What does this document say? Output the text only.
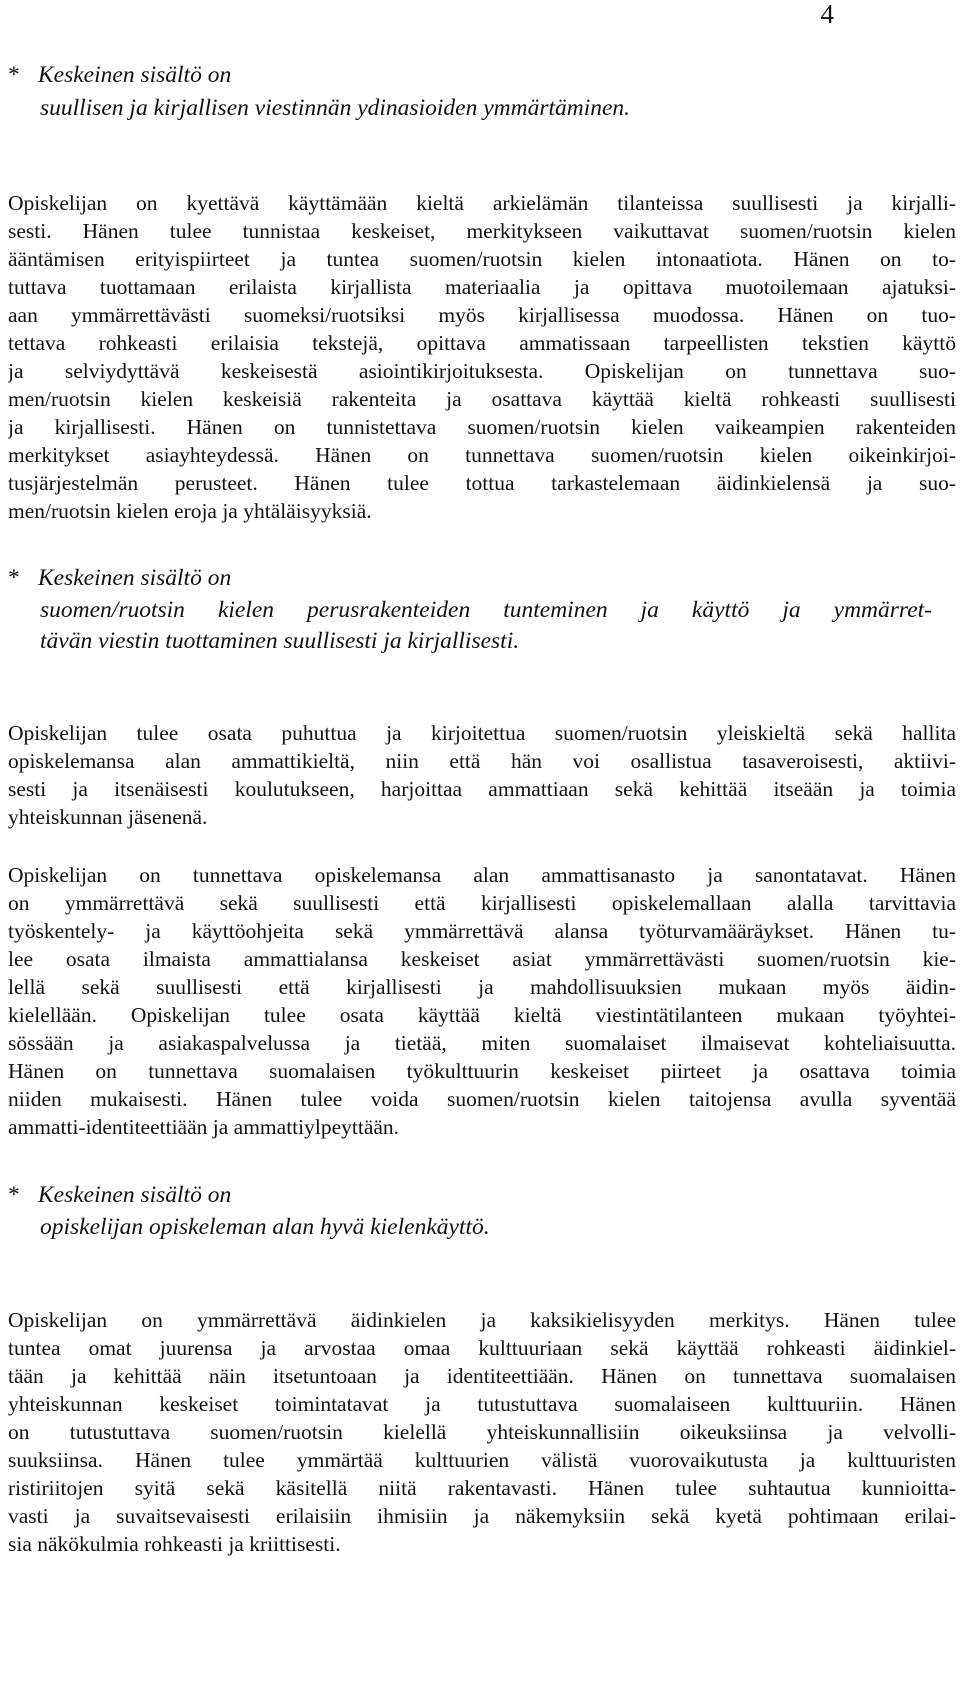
4
* Keskeinen sisältö on
suullisen ja kirjallisen viestinnän ydinasioiden ymmärtäminen.
Opiskelijan on kyettävä käyttämään kieltä arkielämän tilanteissa suullisesti ja kirjalli-
sesti. Hänen tulee tunnistaa keskeiset, merkitykseen vaikuttavat suomen/ruotsin kielen
ääntämisen erityispiirteet ja tuntea suomen/ruotsin kielen intonaatiota. Hänen on to-
tuttava tuottamaan erilaista kirjallista materiaalia ja opittava muotoilemaan ajatuksi-
aan ymmärrettävästi suomeksi/ruotsiksi myös kirjallisessa muodossa. Hänen on tuo-
tettava rohkeasti erilaisia tekstejä, opittava ammatissaan tarpeellisten tekstien käyttö
ja selviydyttävä keskeisestä asiointikirjoituksesta. Opiskelijan on tunnettava suo-
men/ruotsin kielen keskeisiä rakenteita ja osattava käyttää kieltä rohkeasti suullisesti
ja kirjallisesti. Hänen on tunnistettava suomen/ruotsin kielen vaikeampien rakenteiden
merkitykset asiayhteydessä. Hänen on tunnettava suomen/ruotsin kielen oikeinkirjoi-
tusjärjestelmän perusteet. Hänen tulee tottua tarkastelemaan äidinkielensä ja suo-
men/ruotsin kielen eroja ja yhtäläisyyksiä.
* Keskeinen sisältö on
suomen/ruotsin kielen perusrakenteiden tunteminen ja käyttö ja ymmärret-
tävän viestin tuottaminen suullisesti ja kirjallisesti.
Opiskelijan tulee osata puhuttua ja kirjoitettua suomen/ruotsin yleiskieltä sekä hallita
opiskelemansa alan ammattikieltä, niin että hän voi osallistua tasaveroisesti, aktiivi-
sesti ja itsenäisesti koulutukseen, harjoittaa ammattiaan sekä kehittää itseään ja toimia
yhteiskunnan jäsenenä.
Opiskelijan on tunnettava opiskelemansa alan ammattisanasto ja sanontatavat. Hänen
on ymmärrettävä sekä suullisesti että kirjallisesti opiskelemallaan alalla tarvittavia
työskentely- ja käyttöohjeita sekä ymmärrettävä alansa työturvamääräykset. Hänen tu-
lee osata ilmaista ammattialansa keskeiset asiat ymmärrettävästi suomen/ruotsin kie-
lellä sekä suullisesti että kirjallisesti ja mahdollisuuksien mukaan myös äidin-
kielellään. Opiskelijan tulee osata käyttää kieltä viestintätilanteen mukaan työyhtei-
sössään ja asiakaspalvelussa ja tietää, miten suomalaiset ilmaisevat kohteliaisuutta.
Hänen on tunnettava suomalaisen työkulttuurin keskeiset piirteet ja osattava toimia
niiden mukaisesti. Hänen tulee voida suomen/ruotsin kielen taitojensa avulla syventää
ammatti-identiteettiään ja ammattiylpeyttään.
* Keskeinen sisältö on
opiskelijan opiskeleman alan hyvä kielenkäyttö.
Opiskelijan on ymmärrettävä äidinkielen ja kaksikielisyyden merkitys. Hänen tulee
tuntea omat juurensa ja arvostaa omaa kulttuuriaan sekä käyttää rohkeasti äidinkiel-
tään ja kehittää näin itsetuntoaan ja identiteettiään. Hänen on tunnettava suomalaisen
yhteiskunnan keskeiset toimintatavat ja tutustuttava suomalaiseen kulttuuriin. Hänen
on tutustuttava suomen/ruotsin kielellä yhteiskunnallisiin oikeuksiinsa ja velvolli-
suuksiinsa. Hänen tulee ymmärtää kulttuurien välistä vuorovaikutusta ja kulttuuristen
ristiriitojen syitä sekä käsitellä niitä rakentavasti. Hänen tulee suhtautua kunnioitta-
vasti ja suvaitsevaisesti erilaisiin ihmisiin ja näkemyksiin sekä kyetä pohtimaan erilai-
sia näkökulmia rohkeasti ja kriittisesti.
